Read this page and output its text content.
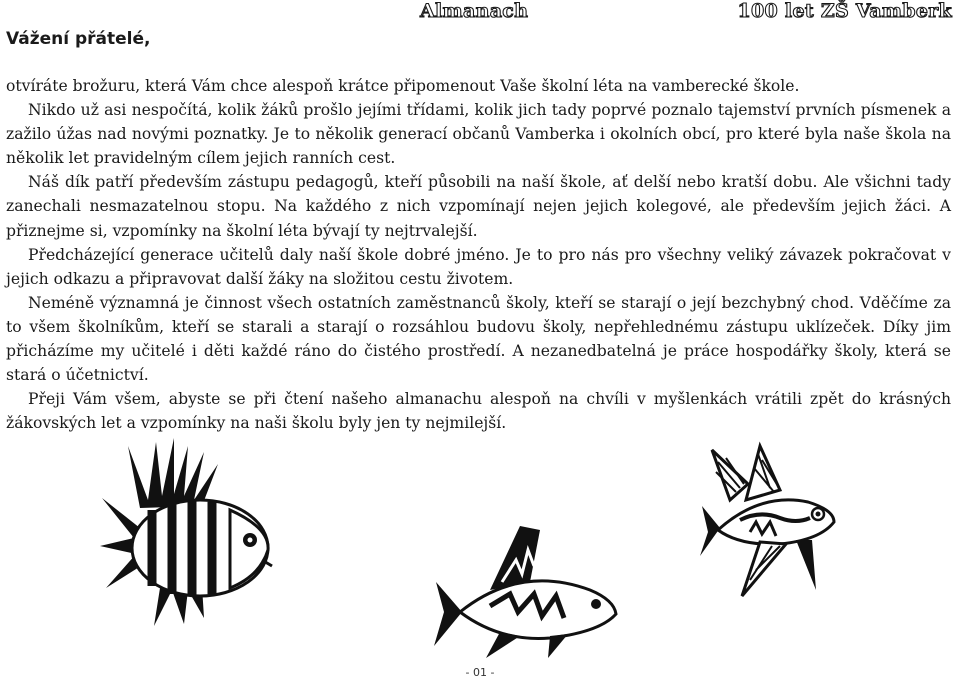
Vážení přátelé,
Almanach	100 let ZŠ Vamberk

otvíráte brožuru, která Vám chce alespoň krátce připomenout Vaše školní léta na vamberecké škole.

Nikdo už asi nespočítá, kolik žáků prošlo jejími třídami, kolik jich tady poprvé poznalo tajemství prvních písmenek a zažilo úžas nad novými poznatky. Je to několik generací občanů Vamberka i okolních obcí, pro které byla naše škola na několik let pravidelným cílem jejich ranních cest.

Náš dík patří především zástupu pedagogů, kteří působili na naší škole, ať delší nebo kratší dobu. Ale všichni tady zanechali nesmazatelnou stopu. Na každého z nich vzpomínají nejen jejich kolegové, ale především jejich žáci. A přiznejme si, vzpomínky na školní léta bývají ty nejtrvalejší.

Předcházející generace učitelů daly naší škole dobré jméno. Je to pro nás pro všechny veliký závazek pokračovat v jejich odkazu a připravovat další žáky na složitou cestu životem.

Neméně významná je činnost všech ostatních zaměstnanců školy, kteří se starají o její bezchybný chod. Vděčíme za to všem školníkům, kteří se starali a starají o rozsáhlou budovu školy, nepřehlednému zástupu uklízeček. Díky jim přicházíme my učitelé i děti každé ráno do čistého prostředí. A nezanedbatelná je práce hospodářky školy, která se stará o účetnictví.

Přeji Vám všem, abyste se při čtení našeho almanachu alespoň na chvíli v myšlenkách vrátili zpět do krásných žákovských let a vzpomínky na naši školu byly jen ty nejmilejší.

- 01 -
